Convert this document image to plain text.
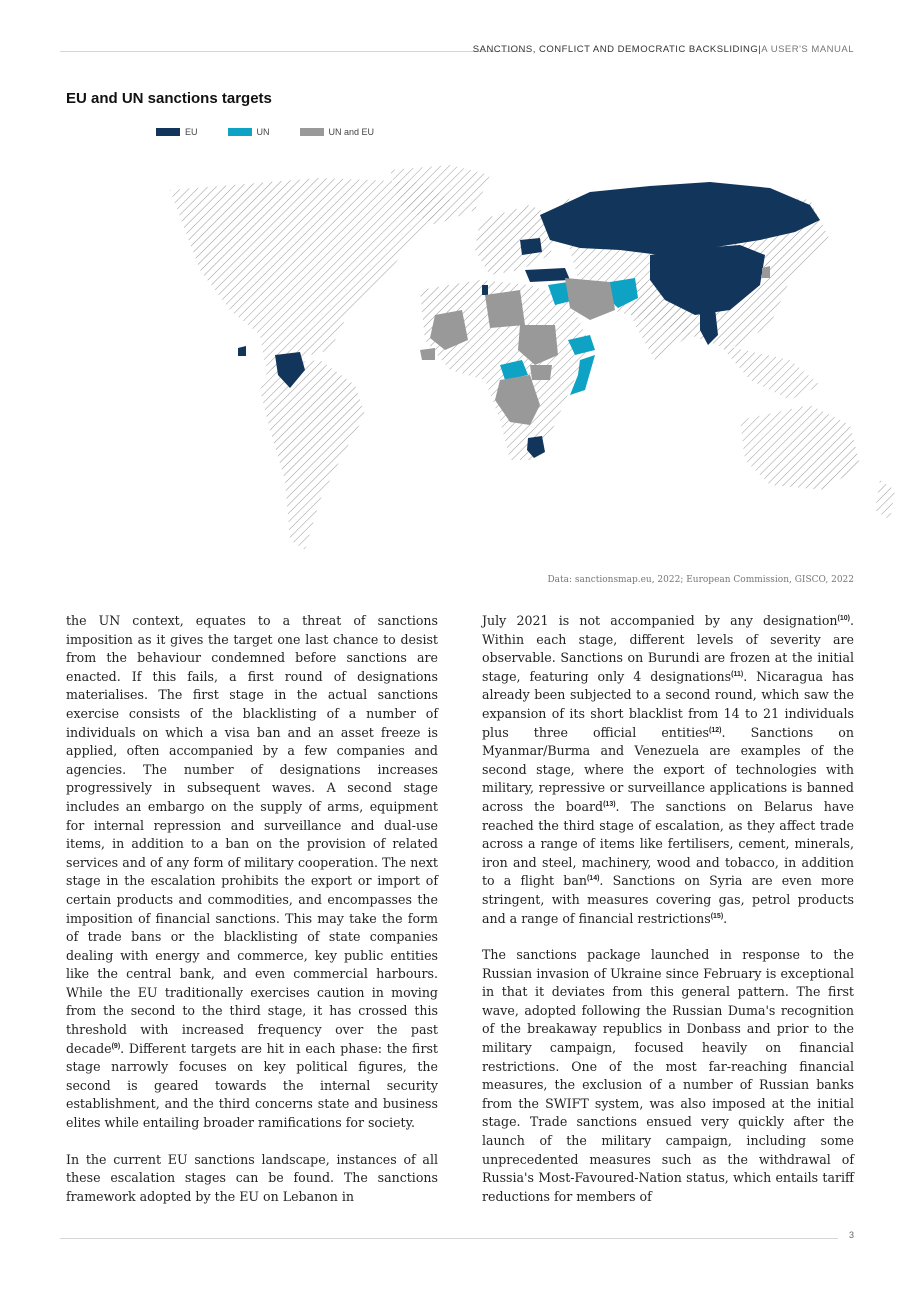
SANCTIONS, CONFLICT AND DEMOCRATIC BACKSLIDING|A USER'S MANUAL
EU and UN sanctions targets
EU	UN	UN and EU
Data: sanctionsmap.eu, 2022; European Commission, GISCO, 2022

the UN context, equates to a threat of sanctions imposition as it gives the target one last chance to desist from the behaviour condemned before sanctions are enacted. If this fails, a first round of designations materialises. The first stage in the actual sanctions exercise consists of the blacklisting of a number of individuals on which a visa ban and an asset freeze is applied, often accompanied by a few companies and agencies. The number of designations increases progressively in subsequent waves. A second stage includes an embargo on the supply of arms, equipment for internal repression and surveillance and dual-use items, in addition to a ban on the provision of related services and of any form of military cooperation. The next stage in the escalation prohibits the export or import of certain products and commodities, and encompasses the imposition of financial sanctions. This may take the form of trade bans or the blacklisting of state companies dealing with energy and commerce, key public entities like the central bank, and even commercial harbours. While the EU traditionally exercises caution in moving from the second to the third stage, it has crossed this threshold with increased frequency over the past decade$^{(9)}$. Different targets are hit in each phase: the first stage narrowly focuses on key political figures, the second is geared towards the internal security establishment, and the third concerns state and business elites while entailing broader ramifications for society.

In the current EU sanctions landscape, instances of all these escalation stages can be found. The sanctions framework adopted by the EU on Lebanon in

July 2021 is not accompanied by any designation$^{(10)}$. Within each stage, different levels of severity are observable. Sanctions on Burundi are frozen at the initial stage, featuring only 4 designations$^{(11)}$. Nicaragua has already been subjected to a second round, which saw the expansion of its short blacklist from 14 to 21 individuals plus three official entities$^{(12)}$. Sanctions on Myanmar/Burma and Venezuela are examples of the second stage, where the export of technologies with military, repressive or surveillance applications is banned across the board$^{(13)}$. The sanctions on Belarus have reached the third stage of escalation, as they affect trade across a range of items like fertilisers, cement, minerals, iron and steel, machinery, wood and tobacco, in addition to a flight ban$^{(14)}$. Sanctions on Syria are even more stringent, with measures covering gas, petrol products and a range of financial restrictions$^{(15)}$.

The sanctions package launched in response to the Russian invasion of Ukraine since February is exceptional in that it deviates from this general pattern. The first wave, adopted following the Russian Duma's recognition of the breakaway republics in Donbass and prior to the military campaign, focused heavily on financial restrictions. One of the most far-reaching financial measures, the exclusion of a number of Russian banks from the SWIFT system, was also imposed at the initial stage. Trade sanctions ensued very quickly after the launch of the military campaign, including some unprecedented measures such as the withdrawal of Russia's Most-Favoured-Nation status, which entails tariff reductions for members of

3
